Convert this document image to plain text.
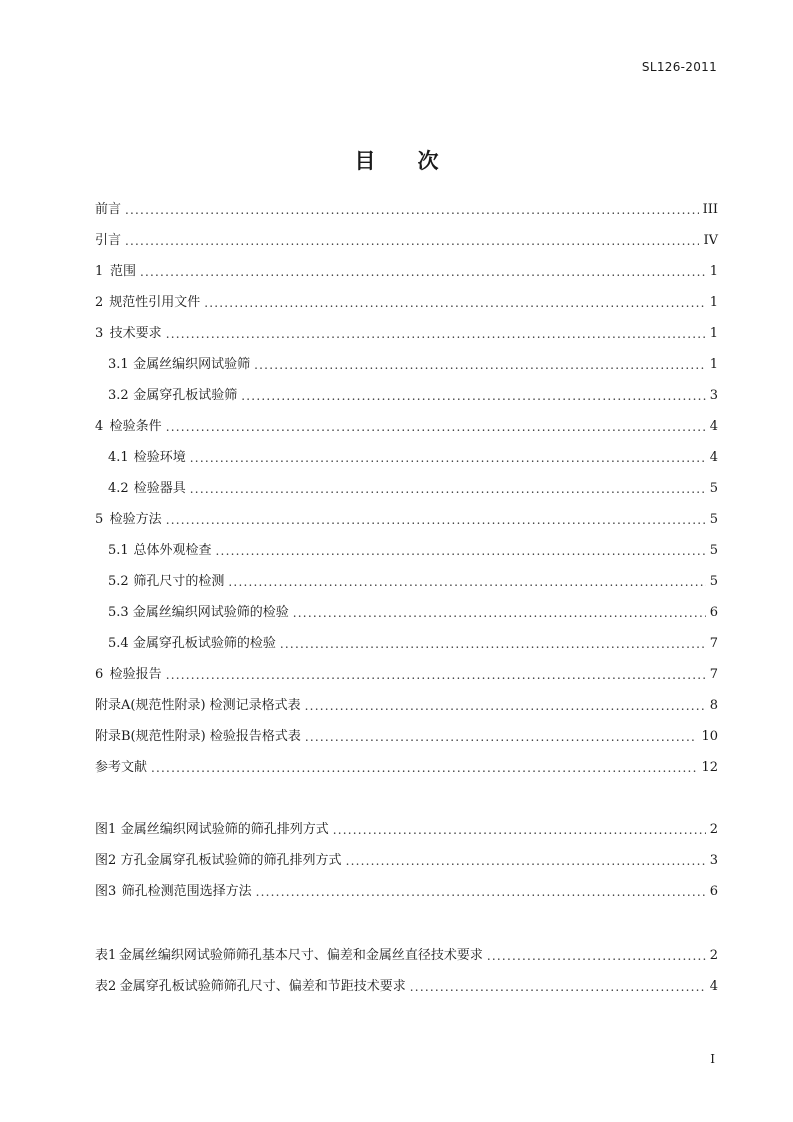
SL126-2011
目 次
前言 .....	III
引言 .....	IV
1 范围 .....	1
2 规范性引用文件 .....	1
3 技术要求 .....	1
3.1 金属丝编织网试验筛 .....	1
3.2 金属穿孔板试验筛 .....	3
4 检验条件 .....	4
4.1 检验环境 .....	4
4.2 检验器具 .....	5
5 检验方法 .....	5
5.1 总体外观检查 .....	5
5.2 筛孔尺寸的检测 .....	5
5.3 金属丝编织网试验筛的检验 .....	6
5.4 金属穿孔板试验筛的检验 .....	7
6 检验报告 .....	7
附录A(规范性附录) 检测记录格式表 .....	8
附录B(规范性附录) 检验报告格式表 .....	10
参考文献 .....	12
图1 金属丝编织网试验筛的筛孔排列方式 .....	2
图2 方孔金属穿孔板试验筛的筛孔排列方式 .....	3
图3 筛孔检测范围选择方法 .....	6
表1 金属丝编织网试验筛筛孔基本尺寸、偏差和金属丝直径技术要求 .....	2
表2 金属穿孔板试验筛筛孔尺寸、偏差和节距技术要求 .....	4
I
